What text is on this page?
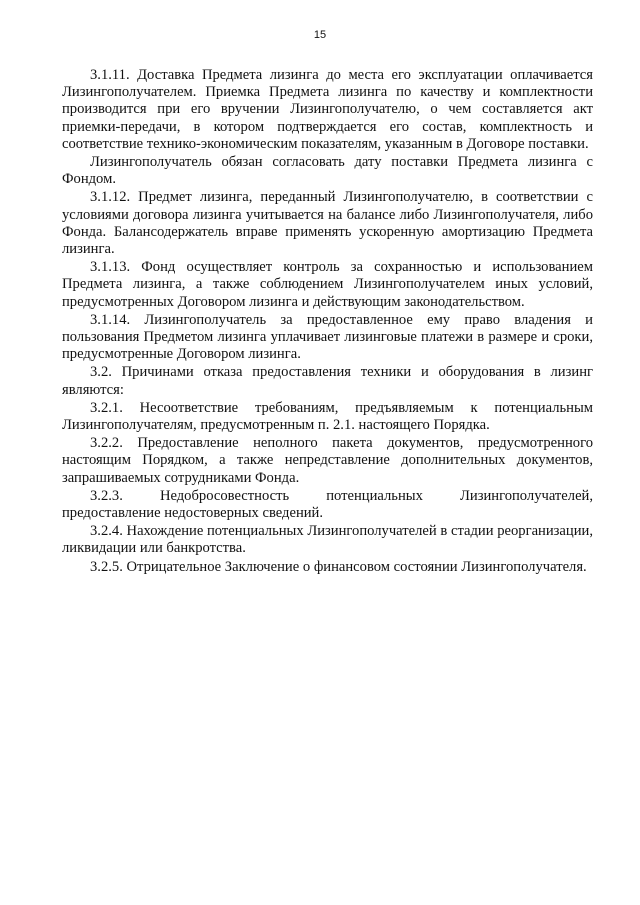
15

3.1.11. Доставка Предмета лизинга до места его эксплуатации оплачивается Лизингополучателем. Приемка Предмета лизинга по качеству и комплектности производится при его вручении Лизингополучателю, о чем составляется акт приемки-передачи, в котором подтверждается его состав, комплектность и соответствие технико-экономическим показателям, указанным в Договоре поставки.

Лизингополучатель обязан согласовать дату поставки Предмета лизинга с Фондом.

3.1.12. Предмет лизинга, переданный Лизингополучателю, в соответствии с условиями договора лизинга учитывается на балансе либо Лизингополучателя, либо Фонда. Балансодержатель вправе применять ускоренную амортизацию Предмета лизинга.

3.1.13. Фонд осуществляет контроль за сохранностью и использованием Предмета лизинга, а также соблюдением Лизингополучателем иных условий, предусмотренных Договором лизинга и действующим законодательством.

3.1.14. Лизингополучатель за предоставленное ему право владения и пользования Предметом лизинга уплачивает лизинговые платежи в размере и сроки, предусмотренные Договором лизинга.

3.2. Причинами отказа предоставления техники и оборудования в лизинг являются:

3.2.1. Несоответствие требованиям, предъявляемым к потенциальным Лизингополучателям, предусмотренным п. 2.1. настоящего Порядка.

3.2.2. Предоставление неполного пакета документов, предусмотренного настоящим Порядком, а также непредставление дополнительных документов, запрашиваемых сотрудниками Фонда.

3.2.3. Недобросовестность потенциальных Лизингополучателей, предоставление недостоверных сведений.

3.2.4. Нахождение потенциальных Лизингополучателей в стадии реорганизации, ликвидации или банкротства.

3.2.5. Отрицательное Заключение о финансовом состоянии Лизингополучателя.
